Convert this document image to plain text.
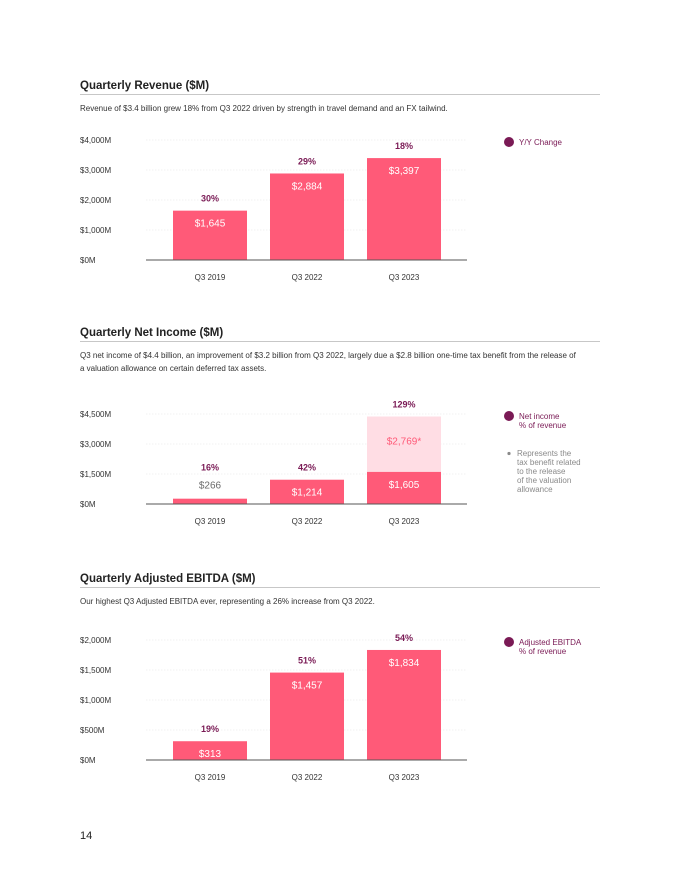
Quarterly Revenue ($M)
Revenue of $3.4 billion grew 18% from Q3 2022 driven by strength in travel demand and an FX tailwind.
$0M
$1,000M
$2,000M
$3,000M
$4,000M
$1,645
30%
Q3 2019
$2,884
29%
Q3 2022
$3,397
18%
Q3 2023
Y/Y Change
Quarterly Net Income ($M)
Q3 net income of $4.4 billion, an improvement of $3.2 billion from Q3 2022, largely due a $2.8 billion one-time tax benefit from the release of a valuation allowance on certain deferred tax assets.
$0M
$1,500M
$3,000M
$4,500M
$266
16%
Q3 2019
$1,214
42%
Q3 2022
$2,769*
$1,605
129%
Q3 2023
Net income
% of revenue
Represents the
tax benefit related
to the release
of the valuation
allowance
Quarterly Adjusted EBITDA ($M)
Our highest Q3 Adjusted EBITDA ever, representing a 26% increase from Q3 2022.
$0M
$500M
$1,000M
$1,500M
$2,000M
$313
19%
Q3 2019
$1,457
51%
Q3 2022
$1,834
54%
Q3 2023
Adjusted EBITDA
% of revenue
14
